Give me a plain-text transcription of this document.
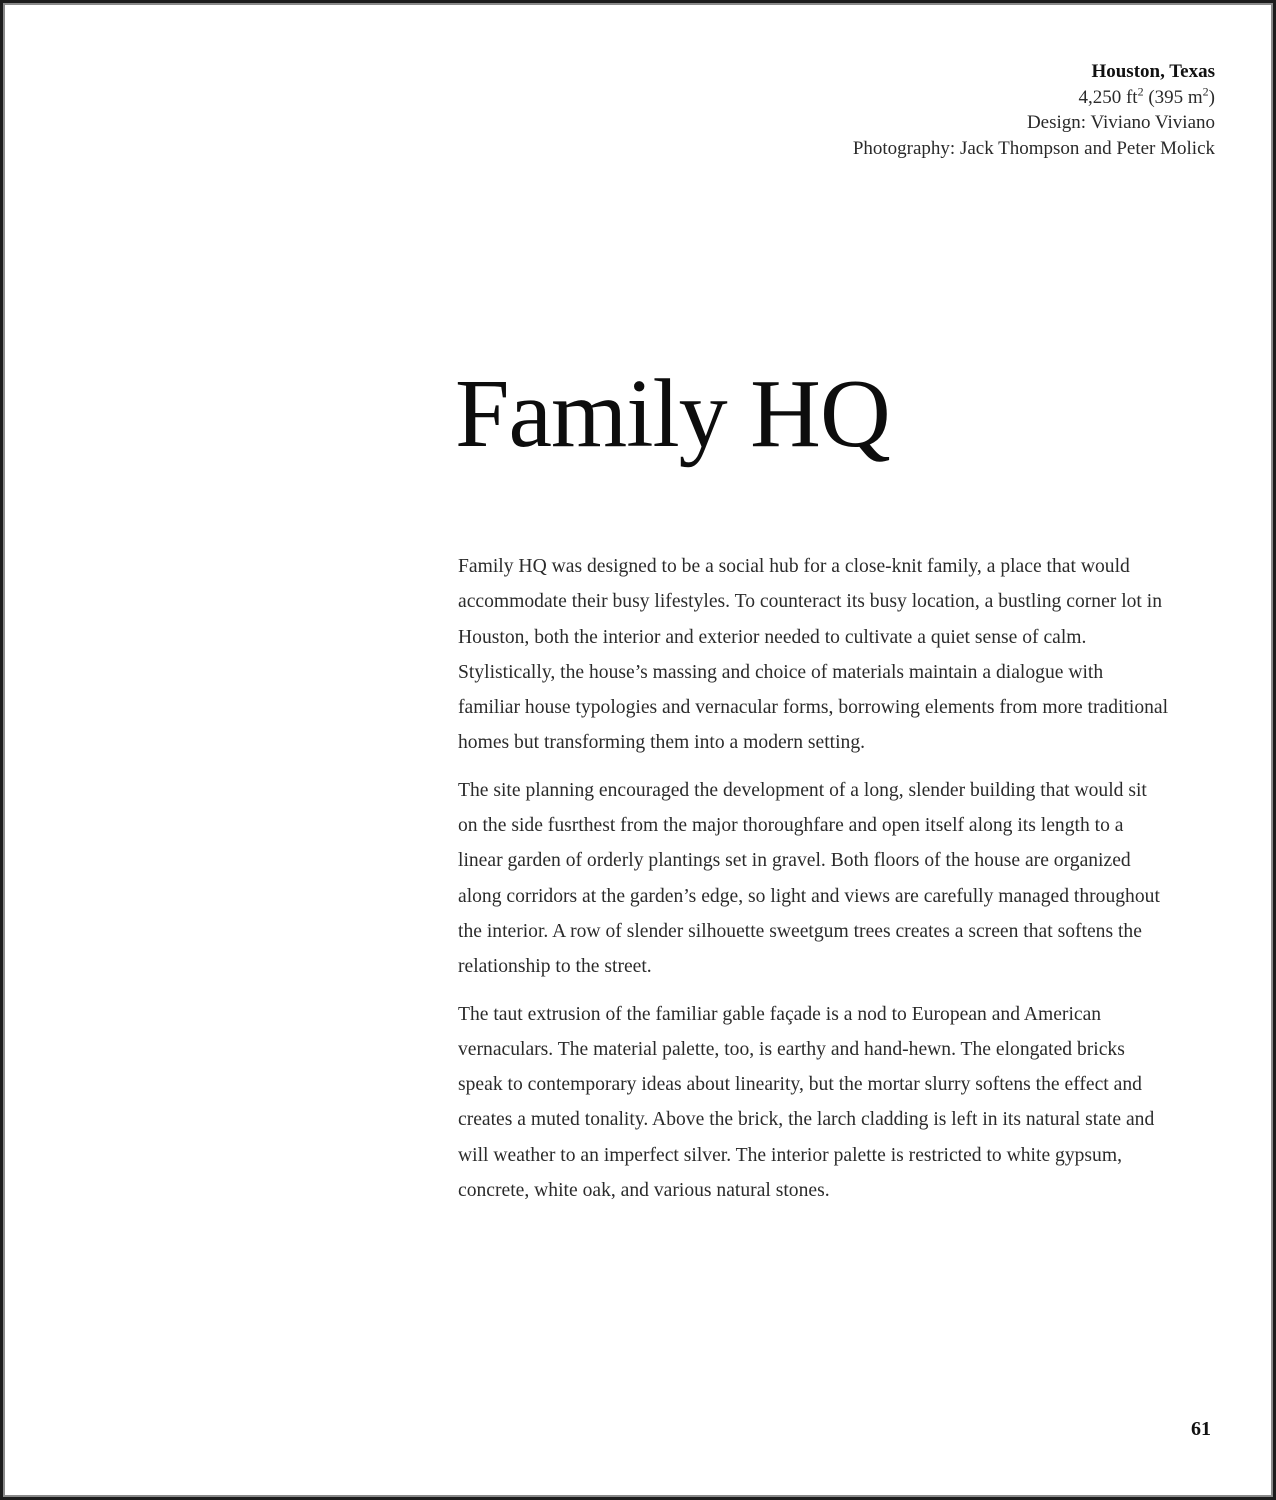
Houston, Texas
4,250 $ft^2$ (395 $m^2$)
Design: Viviano Viviano
Photography: Jack Thompson and Peter Molick
Family HQ

Family HQ was designed to be a social hub for a close-knit family, a place that would accommodate their busy lifestyles. To counteract its busy location, a bustling corner lot in Houston, both the interior and exterior needed to cultivate a quiet sense of calm. Stylistically, the house’s massing and choice of materials maintain a dialogue with familiar house typologies and vernacular forms, borrowing elements from more traditional homes but transforming them into a modern setting.

The site planning encouraged the development of a long, slender building that would sit on the side fusrthest from the major thoroughfare and open itself along its length to a linear garden of orderly plantings set in gravel. Both floors of the house are organized along corridors at the garden’s edge, so light and views are carefully managed throughout the interior. A row of slender silhouette sweetgum trees creates a screen that softens the relationship to the street.

The taut extrusion of the familiar gable façade is a nod to European and American vernaculars. The material palette, too, is earthy and hand-hewn. The elongated bricks speak to contemporary ideas about linearity, but the mortar slurry softens the effect and creates a muted tonality. Above the brick, the larch cladding is left in its natural state and will weather to an imperfect silver. The interior palette is restricted to white gypsum, concrete, white oak, and various natural stones.

61
